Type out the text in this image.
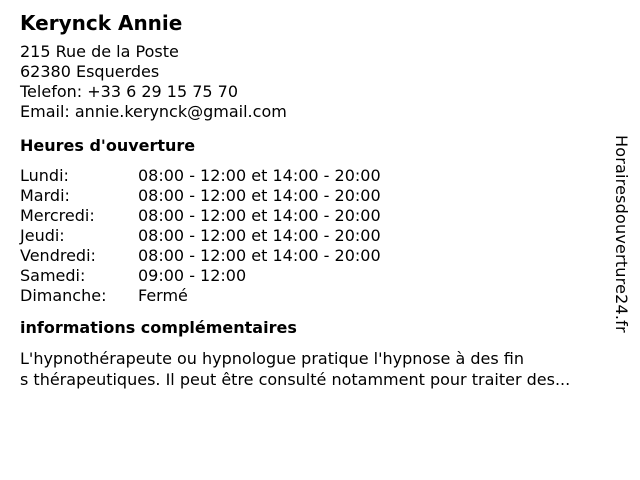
Kerynck Annie
215 Rue de la Poste
62380 Esquerdes
Telefon: +33 6 29 15 75 70
Email: annie.kerynck@gmail.com
Heures d'ouverture
Lundi:	08:00 - 12:00 et 14:00 - 20:00
Mardi:	08:00 - 12:00 et 14:00 - 20:00
Mercredi:	08:00 - 12:00 et 14:00 - 20:00
Jeudi:	08:00 - 12:00 et 14:00 - 20:00
Vendredi:	08:00 - 12:00 et 14:00 - 20:00
Samedi:	09:00 - 12:00
Dimanche:	Fermé
informations complémentaires
L'hypnothérapeute ou hypnologue pratique l'hypnose à des fin
s thérapeutiques. Il peut être consulté notamment pour traiter des...
Horairesdouverture24.fr
